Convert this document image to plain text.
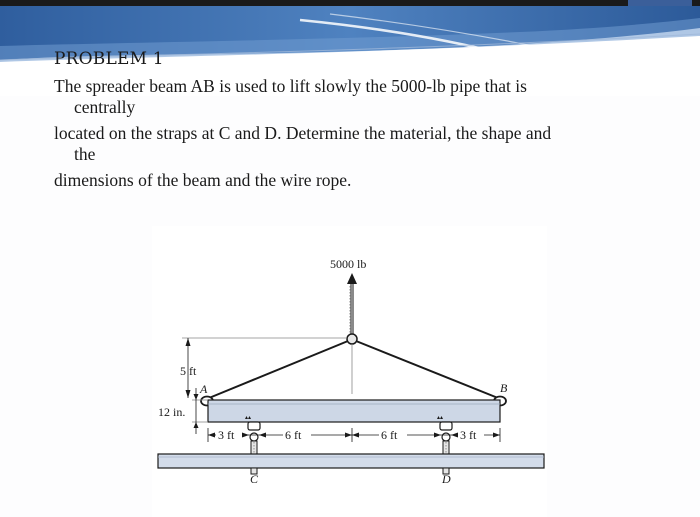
PROBLEM 1

The spreader beam AB is used to lift slowly the 5000-lb pipe that is

centrally

located on the straps at C and D. Determine the material, the shape and

the

dimensions of the beam and the wire rope.

5000 lb
5 ft
A	B
12 in.	▴▴	▴▴
3 ft	6 ft	6 ft	3 ft
C	D
